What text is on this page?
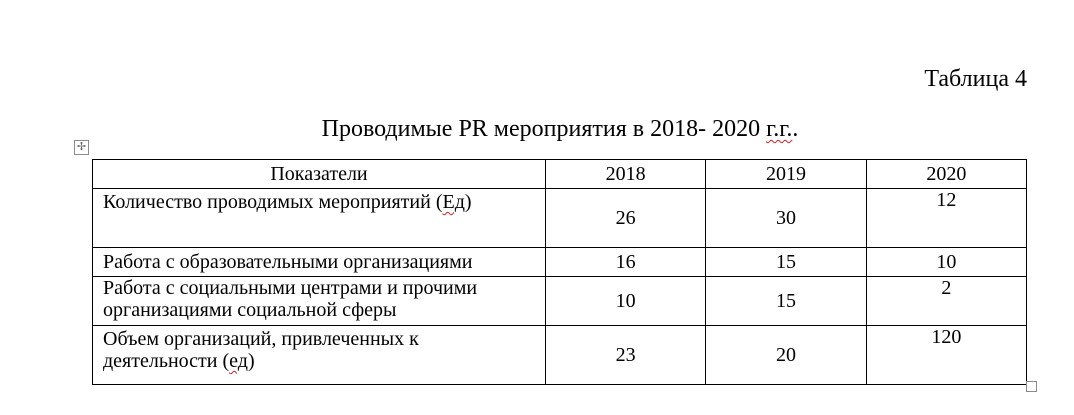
Таблица 4
Проводимые PR мероприятия в 2018- 2020 г.г..
✢
Показатели	2018	2019	2020
Количество проводимых мероприятий (Ед)	26	30	12
Работа с образовательными организациями	16	15	10
Работа с социальными центрами и прочими организациями социальной сферы	10	15	2
Объем организаций, привлеченных к деятельности (ед)	23	20	120
